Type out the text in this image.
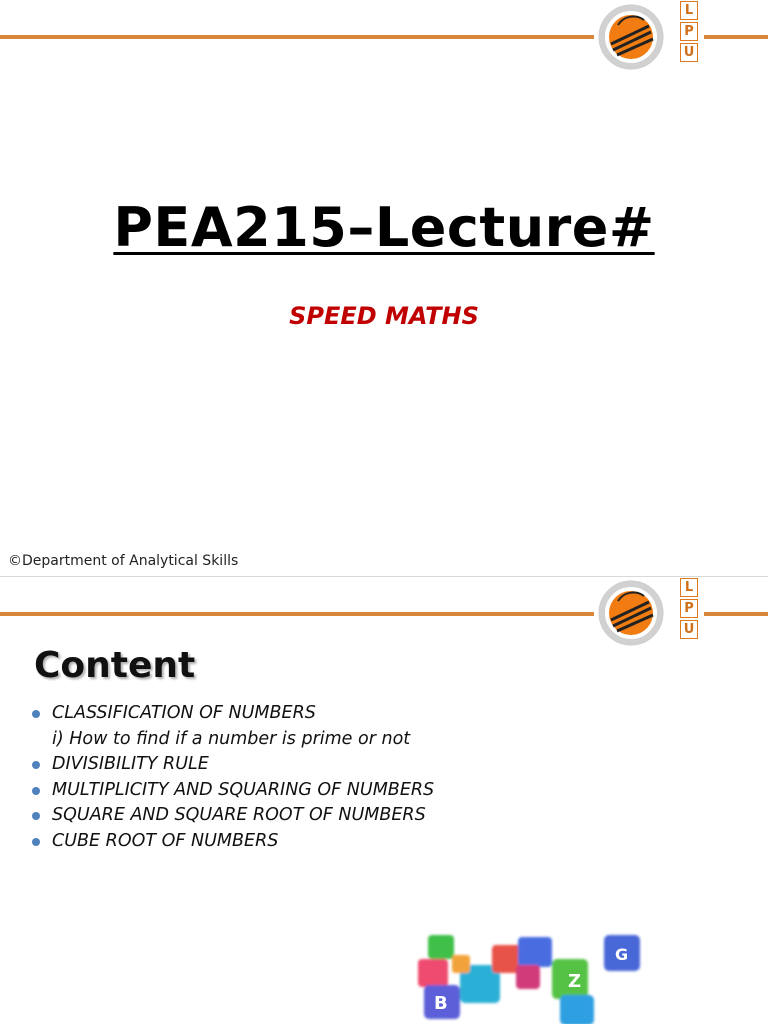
L
P
U
PEA215–Lecture#
SPEED MATHS
©Department of Analytical Skills
L
P
U
Content
CLASSIFICATION OF NUMBERS
i) How to find if a number is prime or not
DIVISIBILITY RULE
MULTIPLICITY AND SQUARING OF NUMBERS
SQUARE AND SQUARE ROOT OF NUMBERS
CUBE ROOT OF NUMBERS
B
Z
G
